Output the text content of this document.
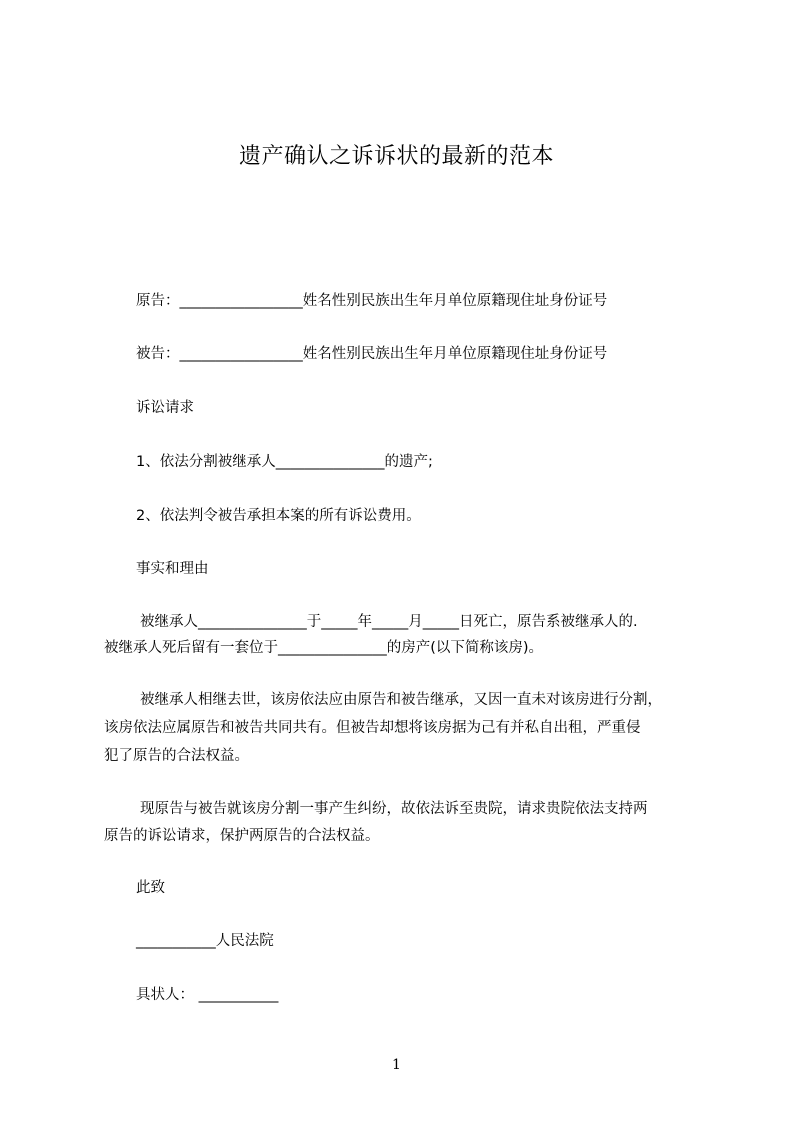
遗产确认之诉诉状的最新的范本
原告：_________________姓名性别民族出生年月单位原籍现住址身份证号
被告：_________________姓名性别民族出生年月单位原籍现住址身份证号
诉讼请求
1、依法分割被继承人_______________的遗产;
2、依法判令被告承担本案的所有诉讼费用。
事实和理由
被继承人_______________于_____年_____月_____日死亡，原告系被继承人的.
被继承人死后留有一套位于_______________的房产(以下简称该房)。
被继承人相继去世，该房依法应由原告和被告继承，又因一直未对该房进行分割，
该房依法应属原告和被告共同共有。但被告却想将该房据为己有并私自出租，严重侵
犯了原告的合法权益。
现原告与被告就该房分割一事产生纠纷，故依法诉至贵院，请求贵院依法支持两
原告的诉讼请求，保护两原告的合法权益。
此致
___________人民法院
具状人： ___________
1
